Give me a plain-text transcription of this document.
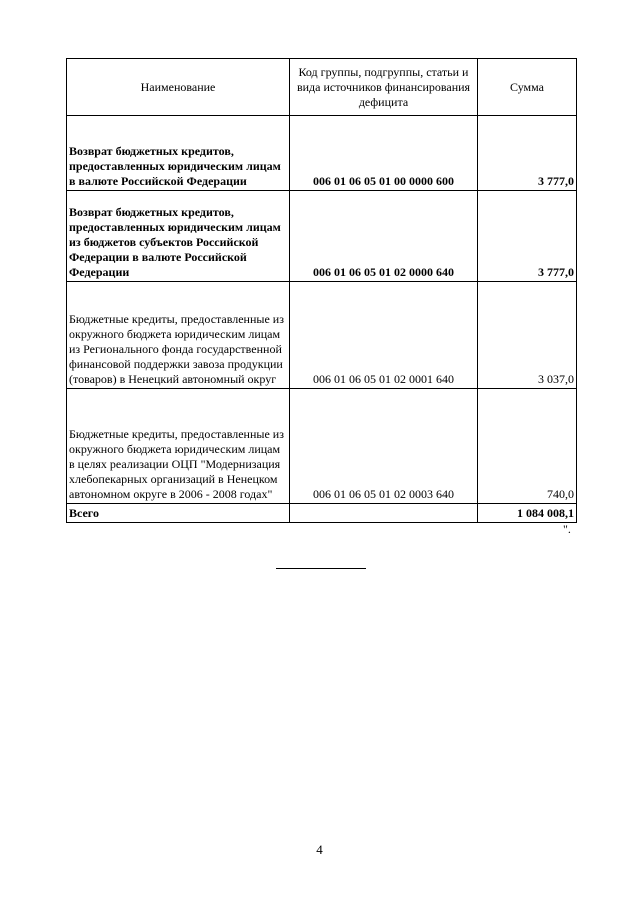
Наименование	Код группы, подгруппы, статьи и вида источников финансирования дефицита	Сумма
Возврат бюджетных кредитов, предоставленных юридическим лицам в валюте Российской Федерации	006 01 06 05 01 00 0000 600	3 777,0
Возврат бюджетных кредитов, предоставленных юридическим лицам из бюджетов субъектов Российской Федерации в валюте Российской Федерации	006 01 06 05 01 02 0000 640	3 777,0
Бюджетные кредиты, предоставленные из окружного бюджета юридическим лицам из Регионального фонда государственной финансовой поддержки завоза продукции (товаров) в Ненецкий автономный округ	006 01 06 05 01 02 0001 640	3 037,0
Бюджетные кредиты, предоставленные из окружного бюджета юридическим лицам в целях реализации ОЦП "Модернизация хлебопекарных организаций в Ненецком автономном округе в 2006 - 2008 годах"	006 01 06 05 01 02 0003 640	740,0
Всего		1 084 008,1
".
4
